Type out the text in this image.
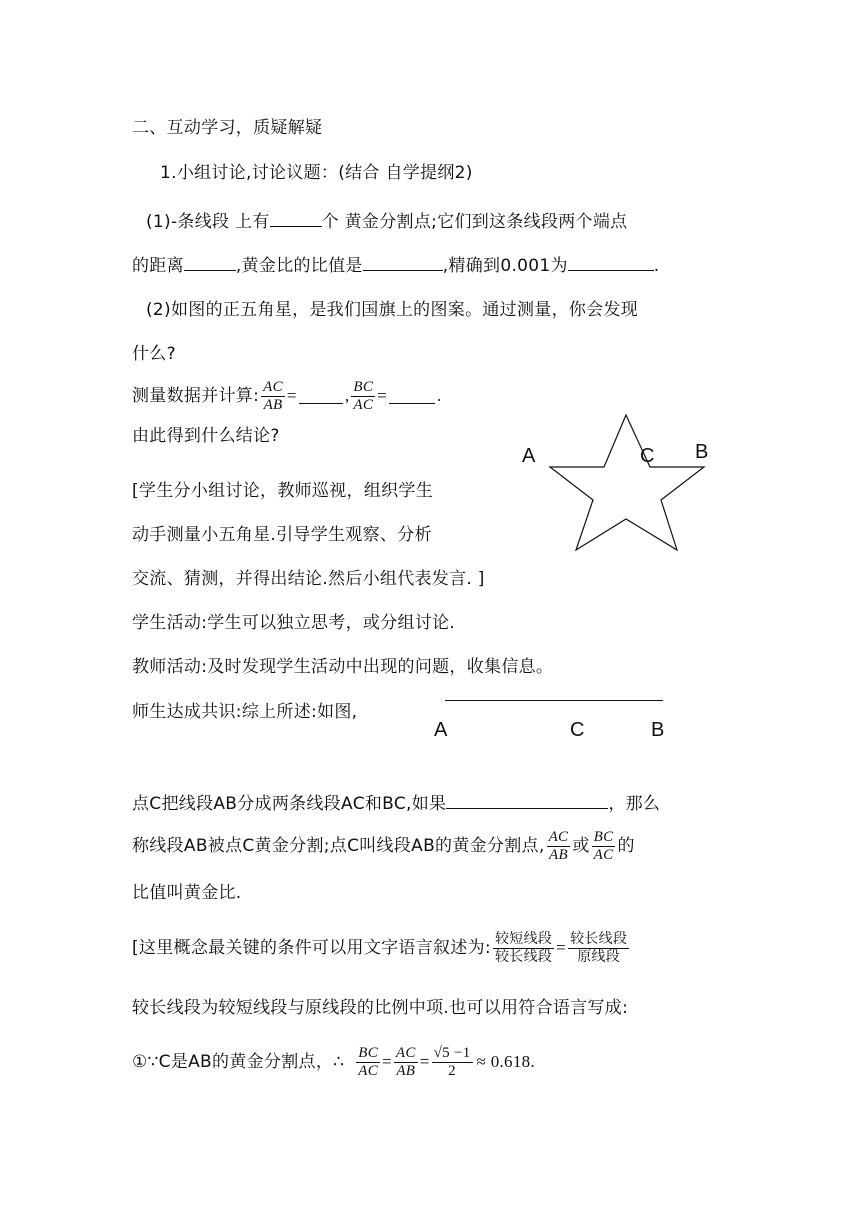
二、互动学习，质疑解疑
1.小组讨论,讨论议题：(结合 自学提纲2)
(1)-条线段 上有	个 黄金分割点;它们到这条线段两个端点
的距离	,黄金比的比值是	,精确到0.001为	.
(2)如图的正五角星，是我们国旗上的图案。通过测量，你会发现
什么?
测量数据并计算: $\frac{AC}{AB}$ =	, $\frac{BC}{AC}$ =	.
由此得到什么结论?
A	C B
[学生分小组讨论，教师巡视，组织学生
动手测量小五角星.引导学生观察、分析
交流、猜测，并得出结论.然后小组代表发言. ]
学生活动:学生可以独立思考，或分组讨论.
教师活动:及时发现学生活动中出现的问题，收集信息。
师生达成共识:综上所述:如图,
A	C	B
点C把线段AB分成两条线段AC和BC,如果	，那么
称线段AB被点C黄金分割;点C叫线段AB的黄金分割点, $\frac{AC}{AB}$ 或 $\frac{BC}{AC}$ 的
比值叫黄金比.
[这里概念最关键的条件可以用文字语言叙述为: $\frac{\text{较短线段}}{\text{较长线段}} = \frac{\text{较长线段}}{\text{原线段}}$
较长线段为较短线段与原线段的比例中项.也可以用符合语言写成:
①∵C是AB的黄金分割点，∴ $\frac{BC}{AC} = \frac{AC}{AB} = \frac{√5 -1}{2} \approx 0.618$.
